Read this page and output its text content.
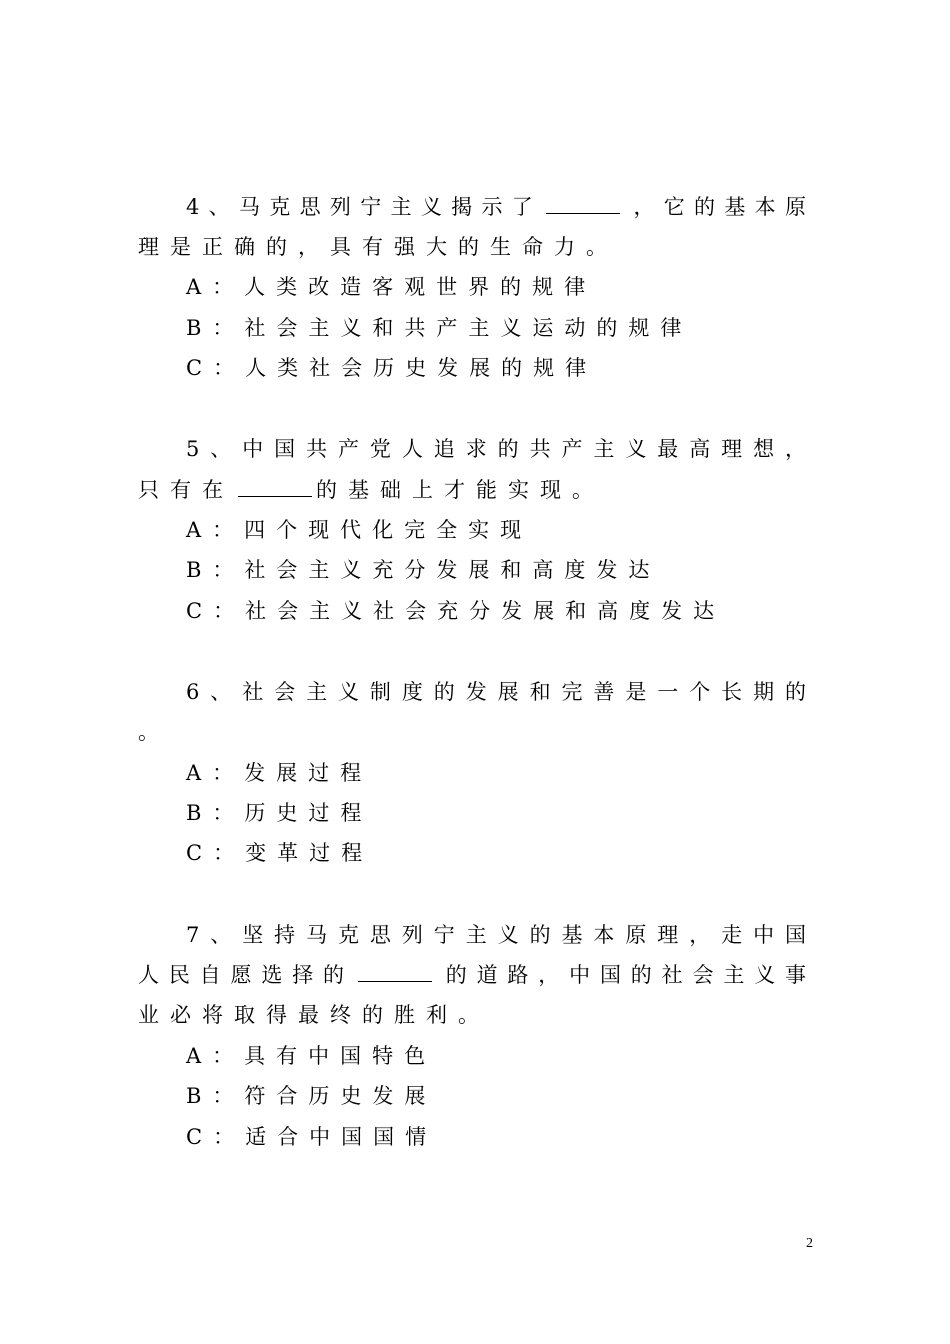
4、马克思列宁主义揭示了	，它的基本原
理是正确的，具有强大的生命力。
A：人类改造客观世界的规律
B：社会主义和共产主义运动的规律
C：人类社会历史发展的规律
5、中国共产党人追求的共产主义最高理想，
只有在	的基础上才能实现。
A：四个现代化完全实现
B：社会主义充分发展和高度发达
C：社会主义社会充分发展和高度发达
6、社会主义制度的发展和完善是一个长期的
。
A：发展过程
B：历史过程
C：变革过程
7、坚持马克思列宁主义的基本原理，走中国
人民自愿选择的	的道路，中国的社会主义事
业必将取得最终的胜利。
A：具有中国特色
B：符合历史发展
C：适合中国国情
2
